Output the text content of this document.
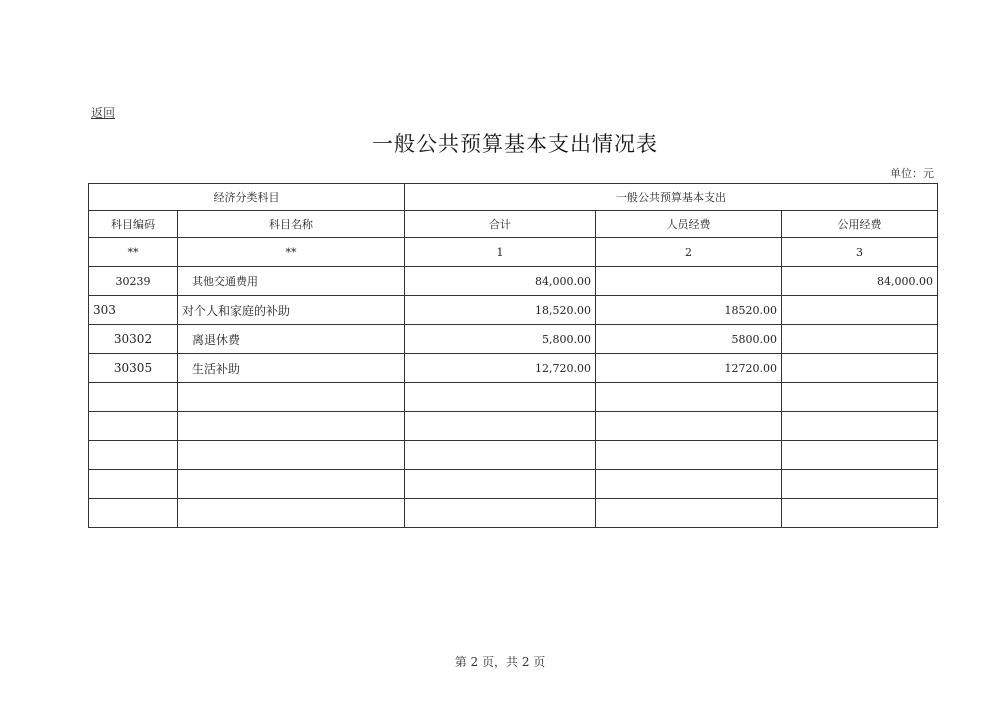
返回
一般公共预算基本支出情况表
单位：元
经济分类科目		一般公共预算基本支出		
科目编码	科目名称	合计	人员经费	公用经费
**	**	1	2	3
30239	其他交通费用	84,000.00		84,000.00
303	对个人和家庭的补助	18,520.00	18520.00	
30302	离退休费	5,800.00	5800.00	
30305	生活补助	12,720.00	12720.00	

第 2 页，共 2 页
